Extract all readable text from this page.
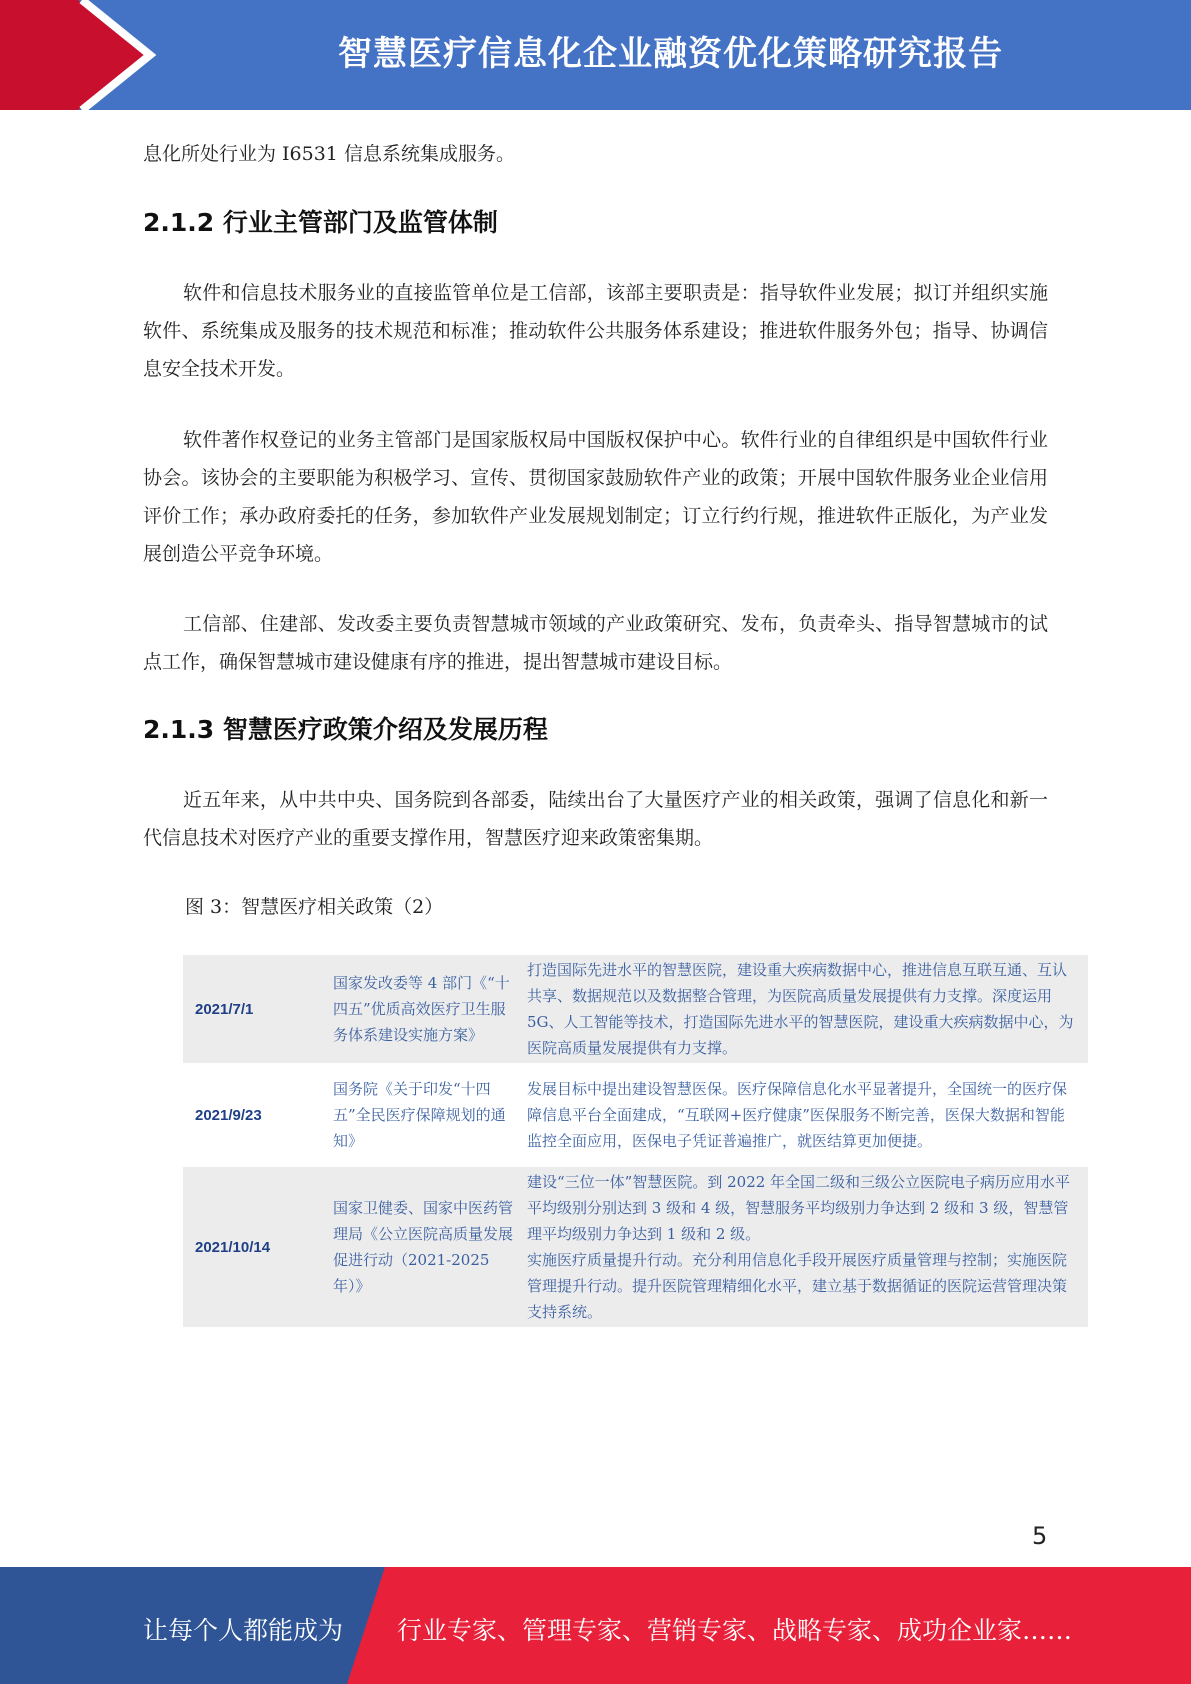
智慧医疗信息化企业融资优化策略研究报告
息化所处行业为 I6531 信息系统集成服务。
2.1.2 行业主管部门及监管体制
软件和信息技术服务业的直接监管单位是工信部，该部主要职责是：指导软件业发展；拟订并组织实施软件、系统集成及服务的技术规范和标准；推动软件公共服务体系建设；推进软件服务外包；指导、协调信息安全技术开发。
软件著作权登记的业务主管部门是国家版权局中国版权保护中心。软件行业的自律组织是中国软件行业协会。该协会的主要职能为积极学习、宣传、贯彻国家鼓励软件产业的政策；开展中国软件服务业企业信用评价工作；承办政府委托的任务，参加软件产业发展规划制定；订立行约行规，推进软件正版化，为产业发展创造公平竞争环境。
工信部、住建部、发改委主要负责智慧城市领域的产业政策研究、发布，负责牵头、指导智慧城市的试点工作，确保智慧城市建设健康有序的推进，提出智慧城市建设目标。
2.1.3 智慧医疗政策介绍及发展历程
近五年来，从中共中央、国务院到各部委，陆续出台了大量医疗产业的相关政策，强调了信息化和新一代信息技术对医疗产业的重要支撑作用，智慧医疗迎来政策密集期。
图 3：智慧医疗相关政策（2）
2021/7/1	国家发改委等 4 部门《“十四五”优质高效医疗卫生服务体系建设实施方案》	打造国际先进水平的智慧医院，建设重大疾病数据中心，推进信息互联互通、互认共享、数据规范以及数据整合管理，为医院高质量发展提供有力支撑。深度运用 5G、人工智能等技术，打造国际先进水平的智慧医院，建设重大疾病数据中心，为医院高质量发展提供有力支撑。
2021/9/23	国务院《关于印发“十四五”全民医疗保障规划的通知》	发展目标中提出建设智慧医保。医疗保障信息化水平显著提升，全国统一的医疗保障信息平台全面建成，“互联网+医疗健康”医保服务不断完善，医保大数据和智能监控全面应用，医保电子凭证普遍推广，就医结算更加便捷。
2021/10/14	国家卫健委、国家中医药管理局《公立医院高质量发展促进行动（2021-2025 年）》	建设“三位一体”智慧医院。到 2022 年全国二级和三级公立医院电子病历应用水平平均级别分别达到 3 级和 4 级，智慧服务平均级别力争达到 2 级和 3 级，智慧管理平均级别力争达到 1 级和 2 级。
实施医疗质量提升行动。充分利用信息化手段开展医疗质量管理与控制；实施医院管理提升行动。提升医院管理精细化水平，建立基于数据循证的医院运营管理决策支持系统。
5
让每个人都能成为 行业专家、管理专家、营销专家、战略专家、成功企业家……
